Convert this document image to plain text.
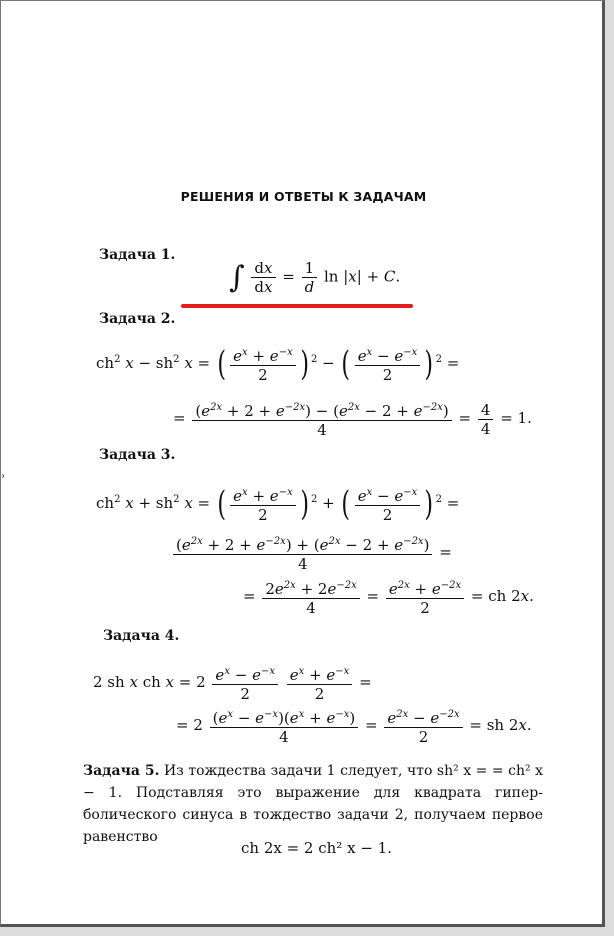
›
РЕШЕНИЯ И ОТВЕТЫ К ЗАДАЧАМ
Задача 1.
∫ $\frac{dx}{dx} = \frac{1}{d}$ ln |x| + C.
Задача 2.
$ch^2$ $x - sh^2$ x = ( $\frac{e^x + e^{-x}}{2}$ ) $^2$ − ( $\frac{e^x - e^{-x}}{2}$ ) $^2$ =
= $\frac{(e^{2x} + 2 + e^{-2x}) - (e^{2x} - 2 + e^{-2x})}{4} = \frac{4}{4} = 1$.
Задача 3.
$ch^2$ $x + sh^2$ x = ( $\frac{e^x + e^{-x}}{2}$ ) $^2$ + ( $\frac{e^x - e^{-x}}{2}$ ) $^2$ =
$\frac{(e^{2x} + 2 + e^{-2x}) + (e^{2x} - 2 + e^{-2x})}{4}$ =
= $\frac{2e^{2x} + 2e^{-2x}}{4} = \frac{e^{2x} + e^{-2x}}{2}$ = ch 2x.
Задача 4.
2 sh x ch $x = 2 \frac{e^x - e^{-x}}{2}$
$\frac{e^x + e^{-x}}{2}$ =
= $2 \frac{(e^x - e^{-x})(e^x + e^{-x})}{4} = \frac{e^{2x} - e^{-2x}}{2}$ = sh 2x.
Задача 5. Из тождества задачи 1 следует, что sh² x = = ch² x − 1. Подставляя это выражение для квадрата гипер-болического синуса в тождество задачи 2, получаем первое равенство
ch 2x = 2 ch² x − 1.
